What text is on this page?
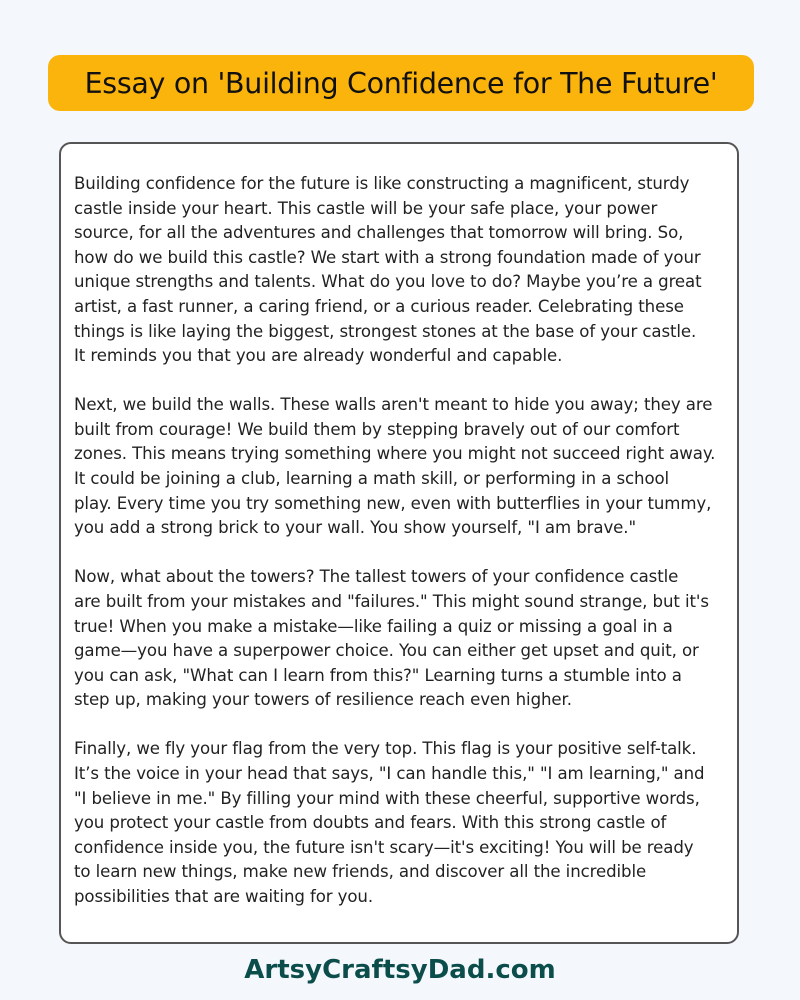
Essay on 'Building Confidence for The Future'
Building confidence for the future is like constructing a magnificent, sturdy
castle inside your heart. This castle will be your safe place, your power
source, for all the adventures and challenges that tomorrow will bring. So,
how do we build this castle? We start with a strong foundation made of your
unique strengths and talents. What do you love to do? Maybe you’re a great
artist, a fast runner, a caring friend, or a curious reader. Celebrating these
things is like laying the biggest, strongest stones at the base of your castle.
It reminds you that you are already wonderful and capable.
Next, we build the walls. These walls aren't meant to hide you away; they are
built from courage! We build them by stepping bravely out of our comfort
zones. This means trying something where you might not succeed right away.
It could be joining a club, learning a math skill, or performing in a school
play. Every time you try something new, even with butterflies in your tummy,
you add a strong brick to your wall. You show yourself, "I am brave."
Now, what about the towers? The tallest towers of your confidence castle
are built from your mistakes and "failures." This might sound strange, but it's
true! When you make a mistake—like failing a quiz or missing a goal in a
game—you have a superpower choice. You can either get upset and quit, or
you can ask, "What can I learn from this?" Learning turns a stumble into a
step up, making your towers of resilience reach even higher.
Finally, we fly your flag from the very top. This flag is your positive self-talk.
It’s the voice in your head that says, "I can handle this," "I am learning," and
"I believe in me." By filling your mind with these cheerful, supportive words,
you protect your castle from doubts and fears. With this strong castle of
confidence inside you, the future isn't scary—it's exciting! You will be ready
to learn new things, make new friends, and discover all the incredible
possibilities that are waiting for you.
ArtsyCraftsyDad.com
